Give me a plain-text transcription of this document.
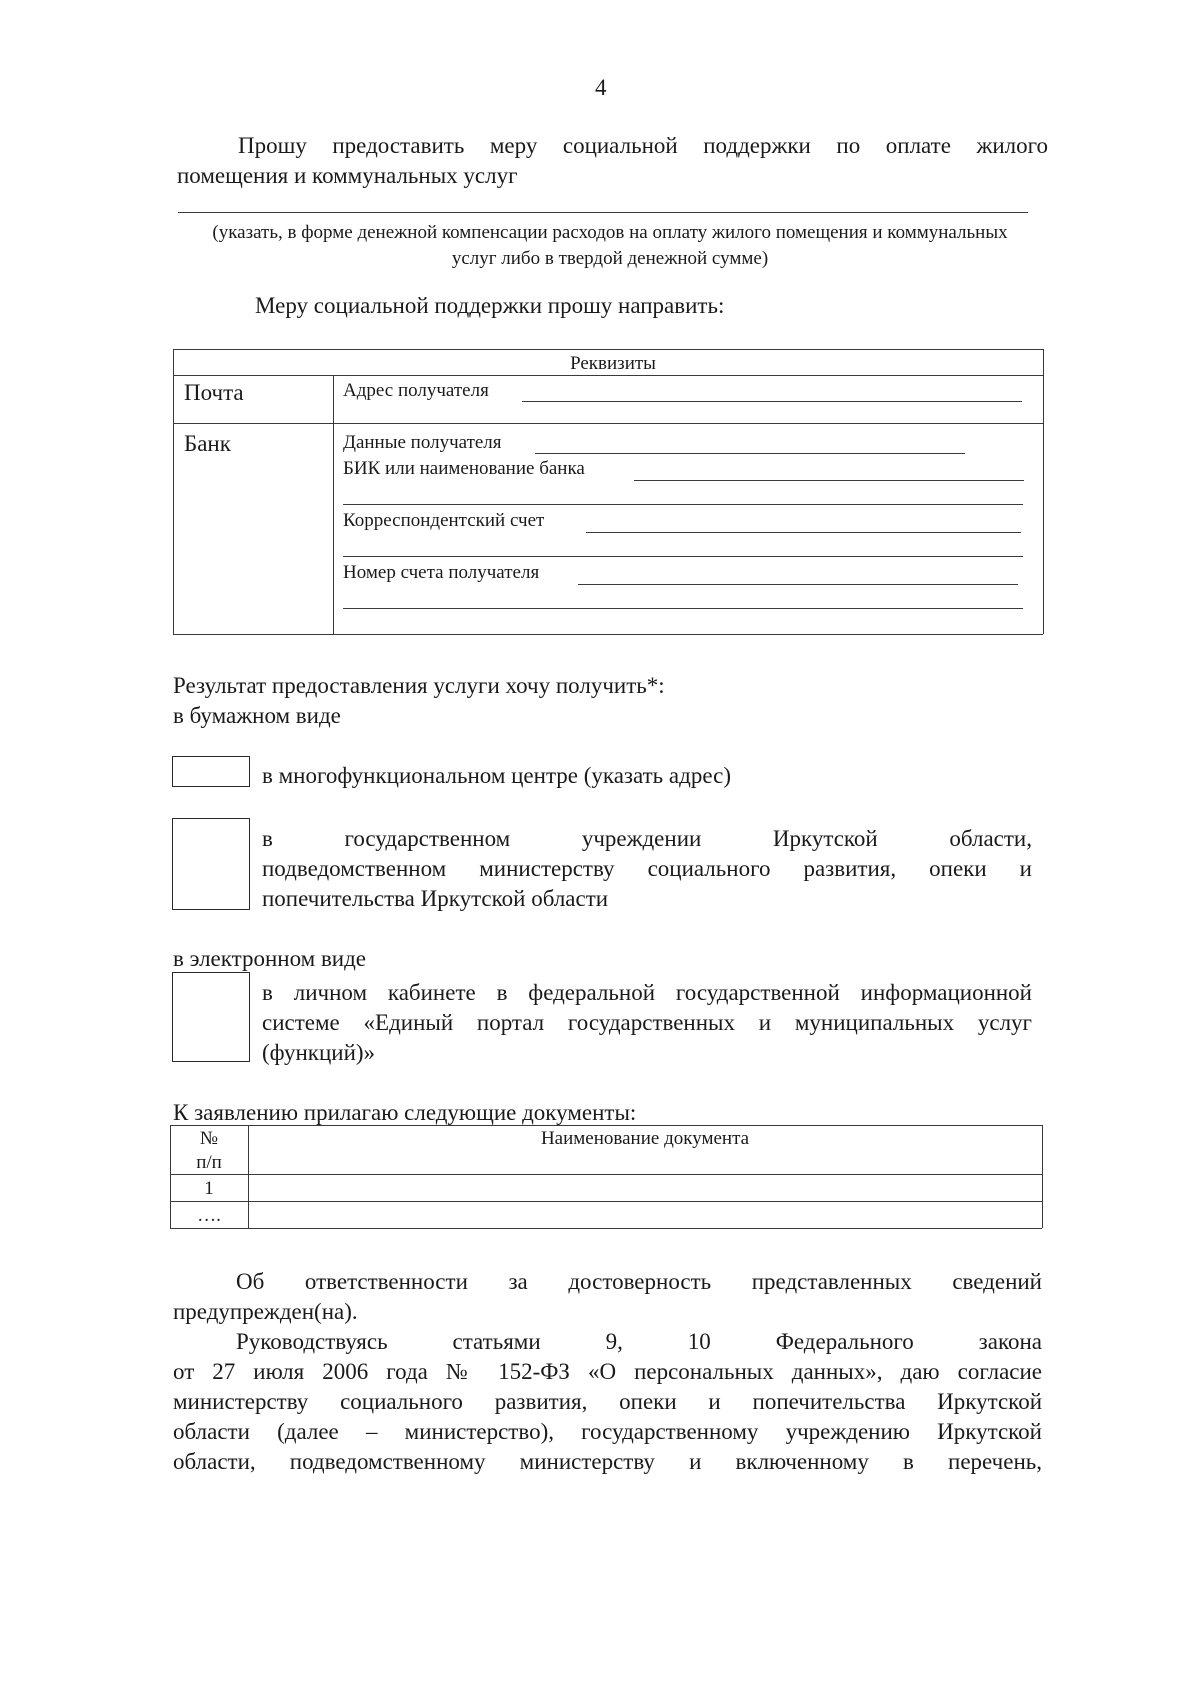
4
Прошу предоставить меру социальной поддержки по оплате жилого
помещения и коммунальных услуг
(указать, в форме денежной компенсации расходов на оплату жилого помещения и коммунальных услуг либо в твердой денежной сумме)
Меру социальной поддержки прошу направить:
Реквизиты
Почта	Адрес получателя
Банк	Данные получателя
БИК или наименование банка
Корреспондентский счет
Номер счета получателя
Результат предоставления услуги хочу получить*:
в бумажном виде
в многофункциональном центре (указать адрес)
в государственном учреждении Иркутской области,
подведомственном министерству социального развития, опеки и
попечительства Иркутской области
в электронном виде
в личном кабинете в федеральной государственной информационной
системе «Единый портал государственных и муниципальных услуг
(функций)»
К заявлению прилагаю следующие документы:
№
п/п
Наименование документа
1
….
Об ответственности за достоверность представленных сведений
предупрежден(на).
Руководствуясь статьями 9, 10 Федерального закона
от 27 июля 2006 года № 152-ФЗ «О персональных данных», даю согласие
министерству социального развития, опеки и попечительства Иркутской
области (далее – министерство), государственному учреждению Иркутской
области, подведомственному министерству и включенному в перечень,
